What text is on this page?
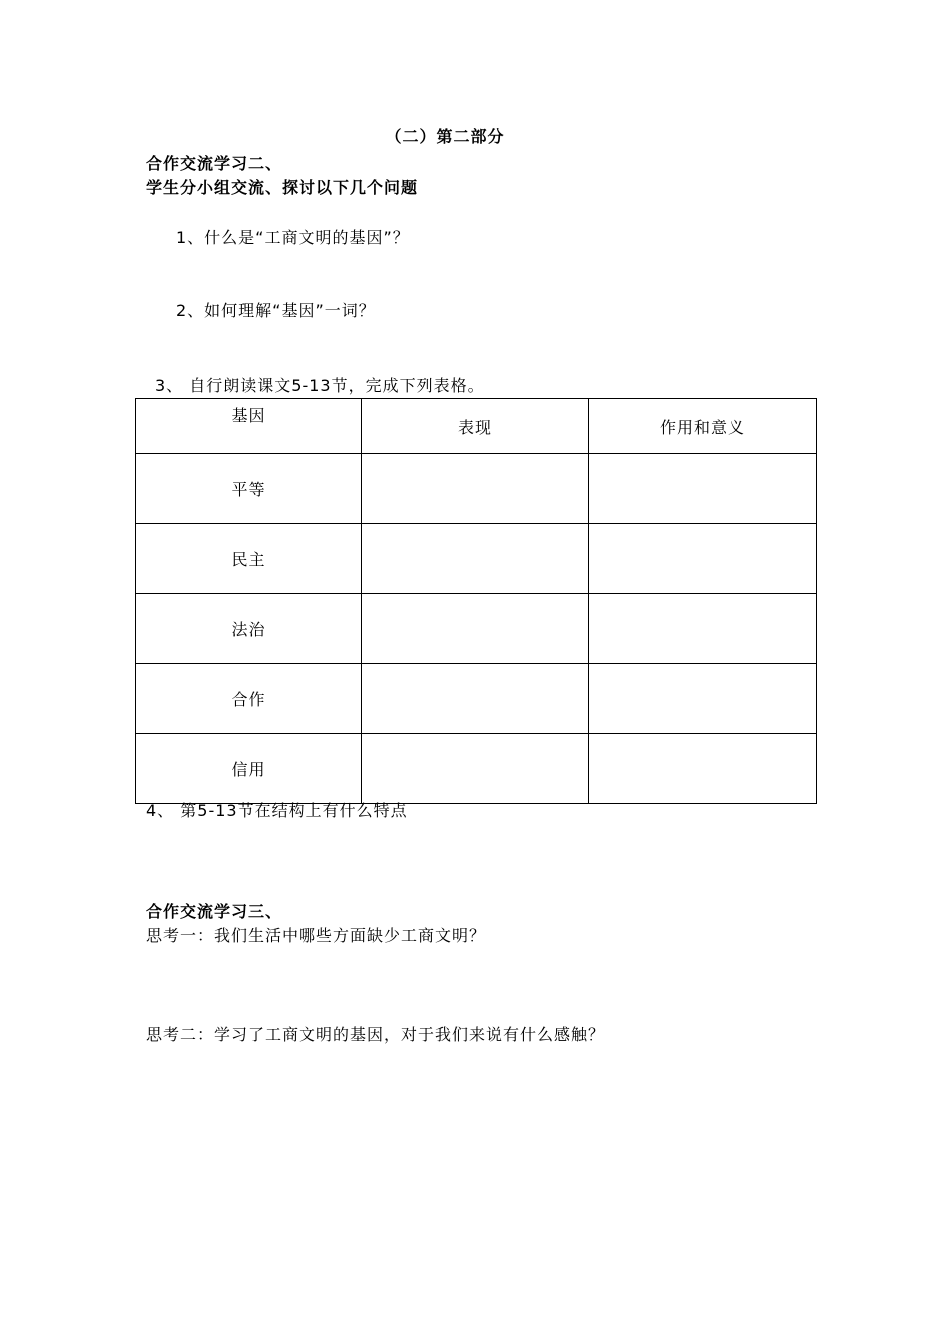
（二）第二部分
合作交流学习二、
学生分小组交流、探讨以下几个问题
1、什么是“工商文明的基因”？
2、如何理解“基因”一词？
3、 自行朗读课文5-13节，完成下列表格。
基因	表现	作用和意义
平等		
民主		
法治		
合作		
信用		
4、 第5-13节在结构上有什么特点
合作交流学习三、
思考一：我们生活中哪些方面缺少工商文明？
思考二：学习了工商文明的基因，对于我们来说有什么感触？
